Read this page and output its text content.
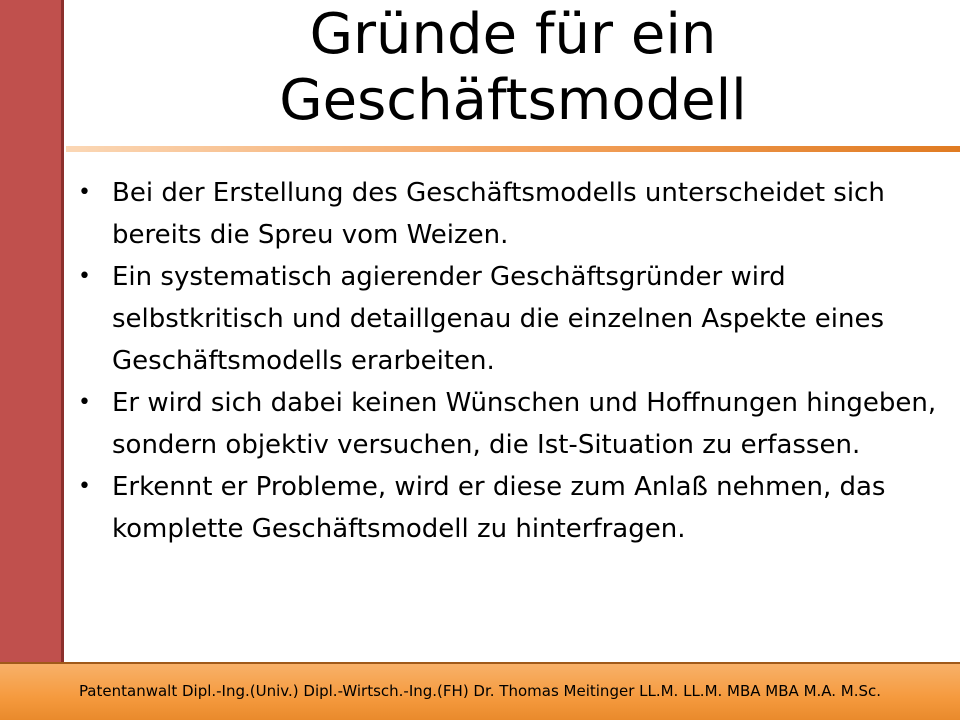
Gründe für ein
Geschäftsmodell
• Bei der Erstellung des Geschäftsmodells unterscheidet sich bereits die Spreu vom Weizen.
• Ein systematisch agierender Geschäftsgründer wird selbstkritisch und detaillgenau die einzelnen Aspekte eines Geschäftsmodells erarbeiten.
• Er wird sich dabei keinen Wünschen und Hoffnungen hingeben, sondern objektiv versuchen, die Ist-Situation zu erfassen.
• Erkennt er Probleme, wird er diese zum Anlaß nehmen, das komplette Geschäftsmodell zu hinterfragen.
Patentanwalt Dipl.-Ing.(Univ.) Dipl.-Wirtsch.-Ing.(FH) Dr. Thomas Meitinger LL.M. LL.M. MBA MBA M.A. M.Sc.
